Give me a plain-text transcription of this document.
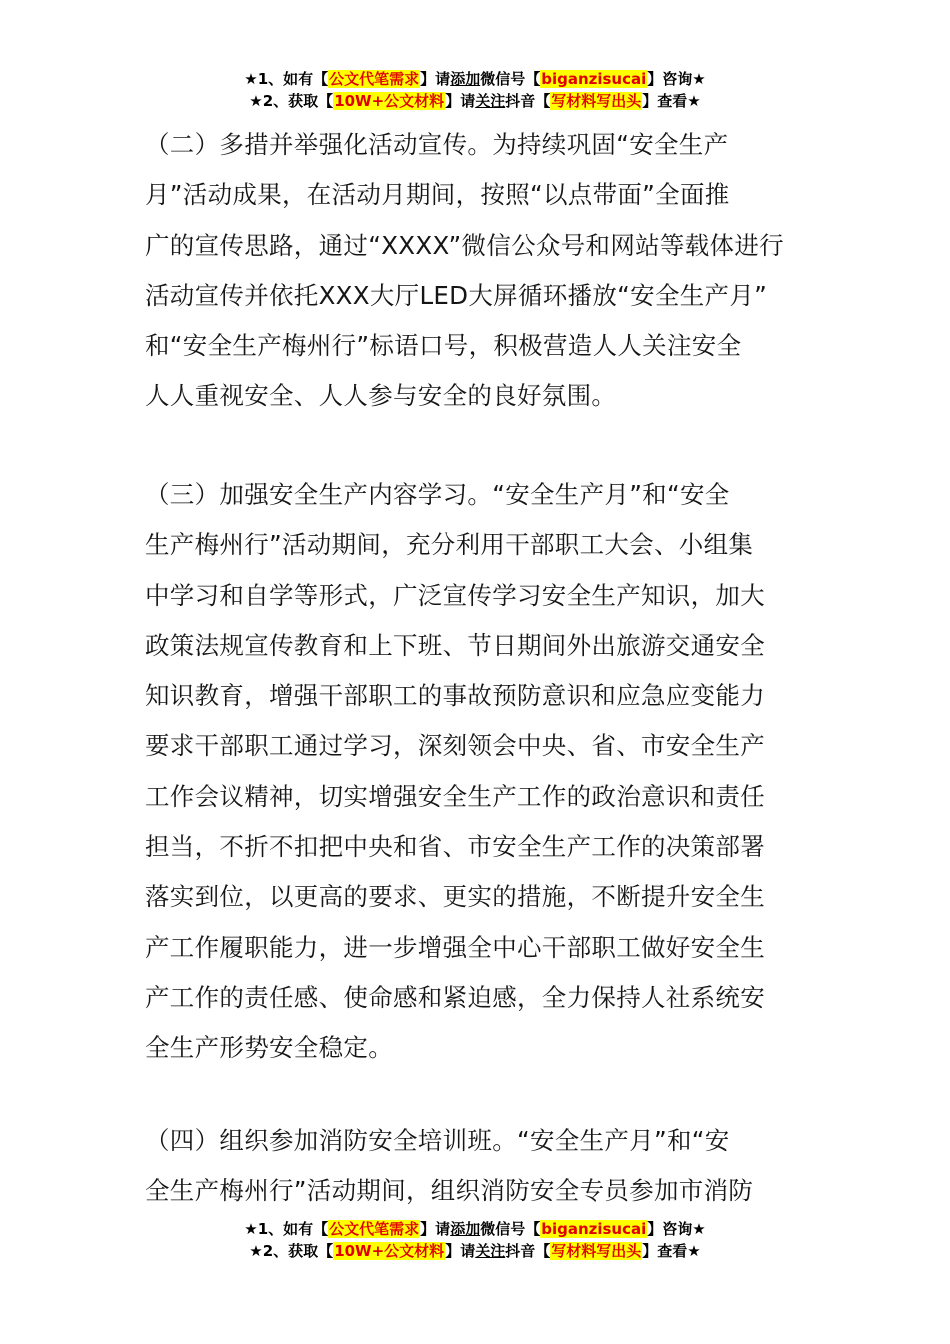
★1、如有【公文代笔需求】请添加微信号【biganzisucai】咨询★
★2、获取【10W+公文材料】请关注抖音【写材料写出头】查看★
（二）多措并举强化活动宣传。为持续巩固“安全生产
月”活动成果，在活动月期间，按照“以点带面”全面推
广的宣传思路，通过“XXXX”微信公众号和网站等载体进行
活动宣传并依托XXX大厅LED大屏循环播放“安全生产月”
和“安全生产梅州行”标语口号，积极营造人人关注安全
人人重视安全、人人参与安全的良好氛围。
（三）加强安全生产内容学习。“安全生产月”和“安全
生产梅州行”活动期间，充分利用干部职工大会、小组集
中学习和自学等形式，广泛宣传学习安全生产知识，加大
政策法规宣传教育和上下班、节日期间外出旅游交通安全
知识教育，增强干部职工的事故预防意识和应急应变能力
要求干部职工通过学习，深刻领会中央、省、市安全生产
工作会议精神，切实增强安全生产工作的政治意识和责任
担当，不折不扣把中央和省、市安全生产工作的决策部署
落实到位，以更高的要求、更实的措施，不断提升安全生
产工作履职能力，进一步增强全中心干部职工做好安全生
产工作的责任感、使命感和紧迫感，全力保持人社系统安
全生产形势安全稳定。
（四）组织参加消防安全培训班。“安全生产月”和“安
全生产梅州行”活动期间，组织消防安全专员参加市消防
★1、如有【公文代笔需求】请添加微信号【biganzisucai】咨询★
★2、获取【10W+公文材料】请关注抖音【写材料写出头】查看★
